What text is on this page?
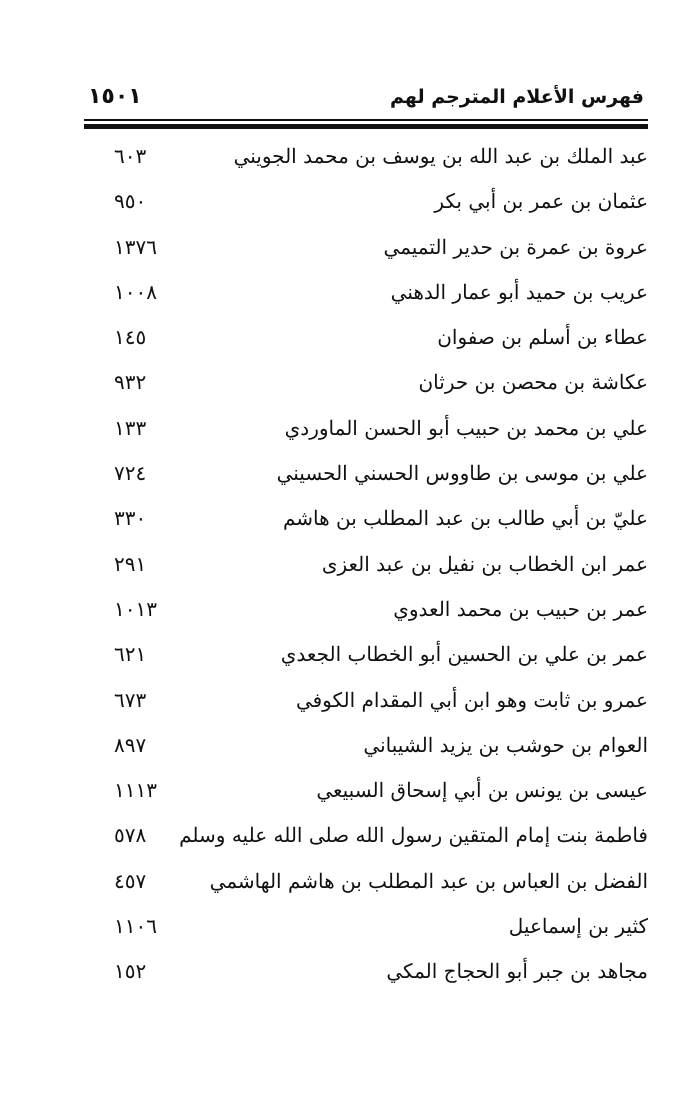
فهرس الأعلام المترجم لهم
١٥٠١
عبد الملك بن عبد الله بن يوسف بن محمد الجويني
٦٠٣
عثمان بن عمر بن أبي بكر
٩٥٠
عروة بن عمرة بن حدير التميمي
١٣٧٦
عريب بن حميد أبو عمار الدهني
١٠٠٨
عطاء بن أسلم بن صفوان
١٤٥
عكاشة بن محصن بن حرثان
٩٣٢
علي بن محمد بن حبيب أبو الحسن الماوردي
١٣٣
علي بن موسى بن طاووس الحسني الحسيني
٧٢٤
عليّ بن أبي طالب بن عبد المطلب بن هاشم
٣٣٠
عمر ابن الخطاب بن نفيل بن عبد العزى
٢٩١
عمر بن حبيب بن محمد العدوي
١٠١٣
عمر بن علي بن الحسين أبو الخطاب الجعدي
٦٢١
عمرو بن ثابت وهو ابن أبي المقدام الكوفي
٦٧٣
العوام بن حوشب بن يزيد الشيباني
٨٩٧
عيسى بن يونس بن أبي إسحاق السبيعي
١١١٣
فاطمة بنت إمام المتقين رسول الله صلى الله عليه وسلم
٥٧٨
الفضل بن العباس بن عبد المطلب بن هاشم الهاشمي
٤٥٧
كثير بن إسماعيل
١١٠٦
مجاهد بن جبر أبو الحجاج المكي
١٥٢
